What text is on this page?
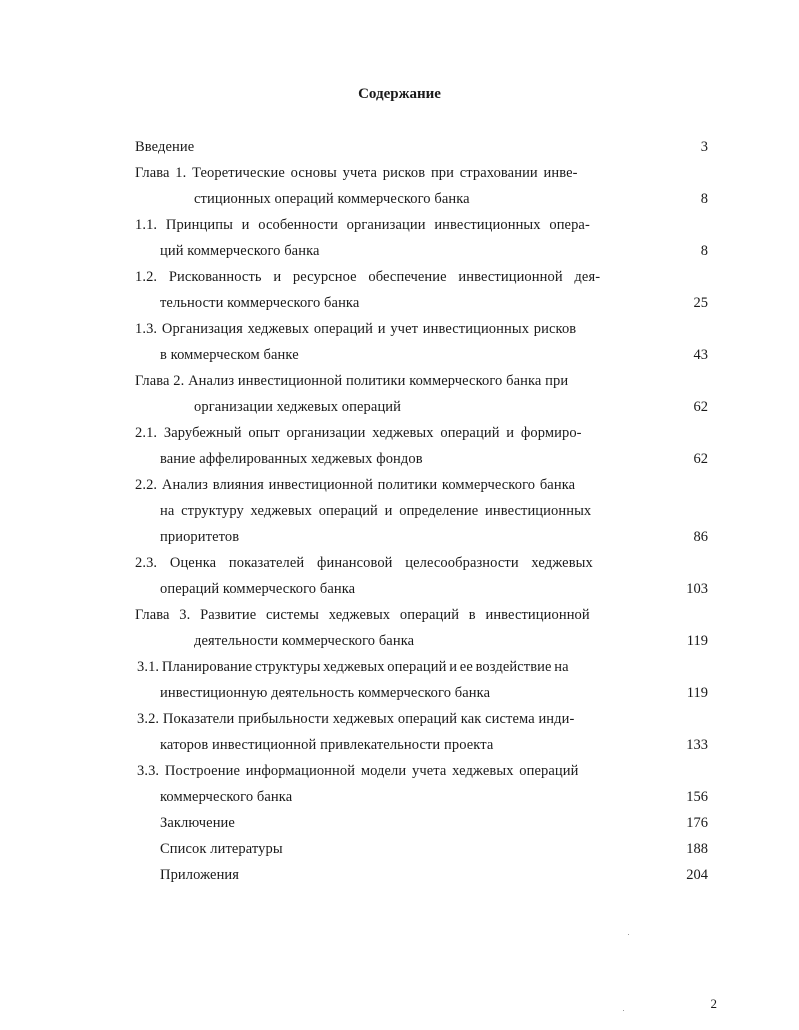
Содержание
Введение	3
Глава 1. Теоретические основы учета рисков при страховании инве-
стиционных операций коммерческого банка	8
1.1. Принципы и особенности организации инвестиционных опера-
ций коммерческого банка	8
1.2. Рискованность и ресурсное обеспечение инвестиционной дея-
тельности коммерческого банка	25
1.3. Организация хеджевых операций и учет инвестиционных рисков
в коммерческом банке	43
Глава 2. Анализ инвестиционной политики коммерческого банка при
организации хеджевых операций	62
2.1. Зарубежный опыт организации хеджевых операций и формиро-
вание аффелированных хеджевых фондов	62
2.2. Анализ влияния инвестиционной политики коммерческого банка
на структуру хеджевых операций и определение инвестиционных
приоритетов	86
2.3. Оценка показателей финансовой целесообразности хеджевых
операций коммерческого банка	103
Глава 3. Развитие системы хеджевых операций в инвестиционной
деятельности коммерческого банка	119
3.1. Планирование структуры хеджевых операций и ее воздействие на
инвестиционную деятельность коммерческого банка	119
3.2. Показатели прибыльности хеджевых операций как система инди-
каторов инвестиционной привлекательности проекта	133
3.3. Построение информационной модели учета хеджевых операций
коммерческого банка	156
Заключение	176
Список литературы	188
Приложения	204
2
